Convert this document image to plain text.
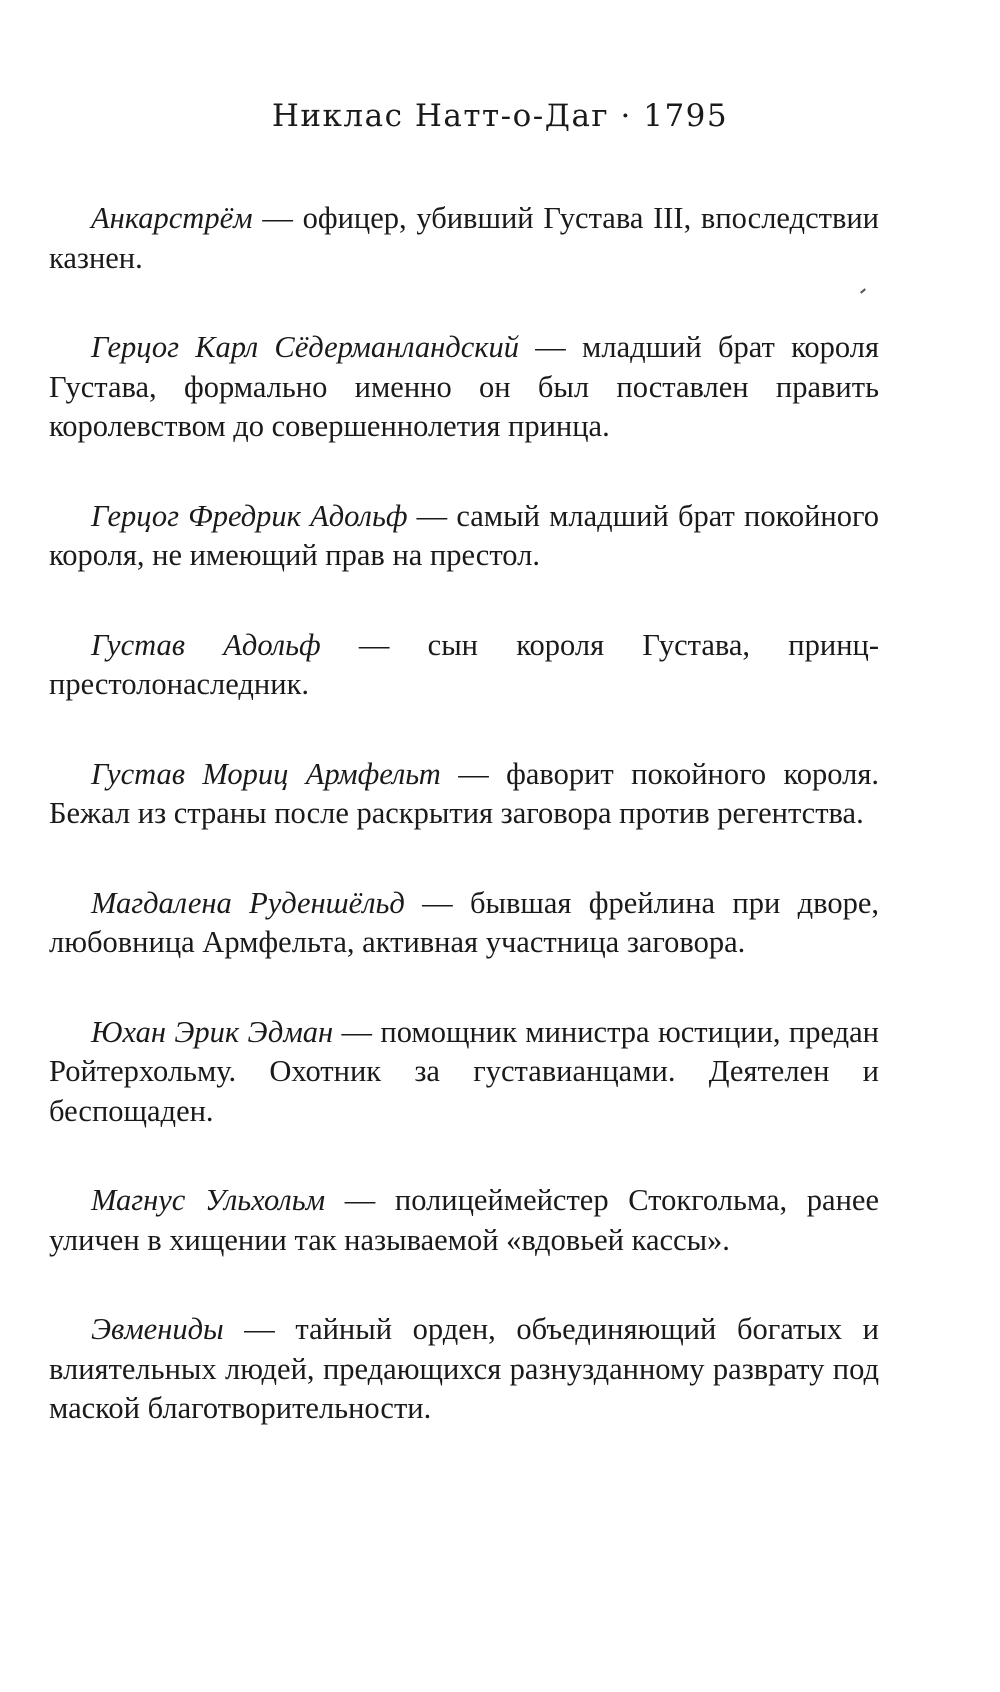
Никлас Натт-о-Даг · 1795

Анкарстрём — офицер, убивший Густава III, впоследствии казнен.

Герцог Карл Сёдерманландский — младший брат короля Густава, формально именно он был поставлен править королевством до совершеннолетия принца.

Герцог Фредрик Адольф — самый младший брат покойного короля, не имеющий прав на престол.

Густав Адольф — сын короля Густава, принц-престолонаследник.

Густав Мориц Армфельт — фаворит покойного короля. Бежал из страны после раскрытия заговора против регентства.

Магдалена Руденшёльд — бывшая фрейлина при дворе, любовница Армфельта, активная участница заговора.

Юхан Эрик Эдман — помощник министра юстиции, предан Ройтерхольму. Охотник за густавианцами. Деятелен и беспощаден.

Магнус Ульхольм — полицеймейстер Стокгольма, ранее уличен в хищении так называемой «вдовьей кассы».

Эвмениды — тайный орден, объединяющий богатых и влиятельных людей, предающихся разнузданному разврату под маской благотворительности.
